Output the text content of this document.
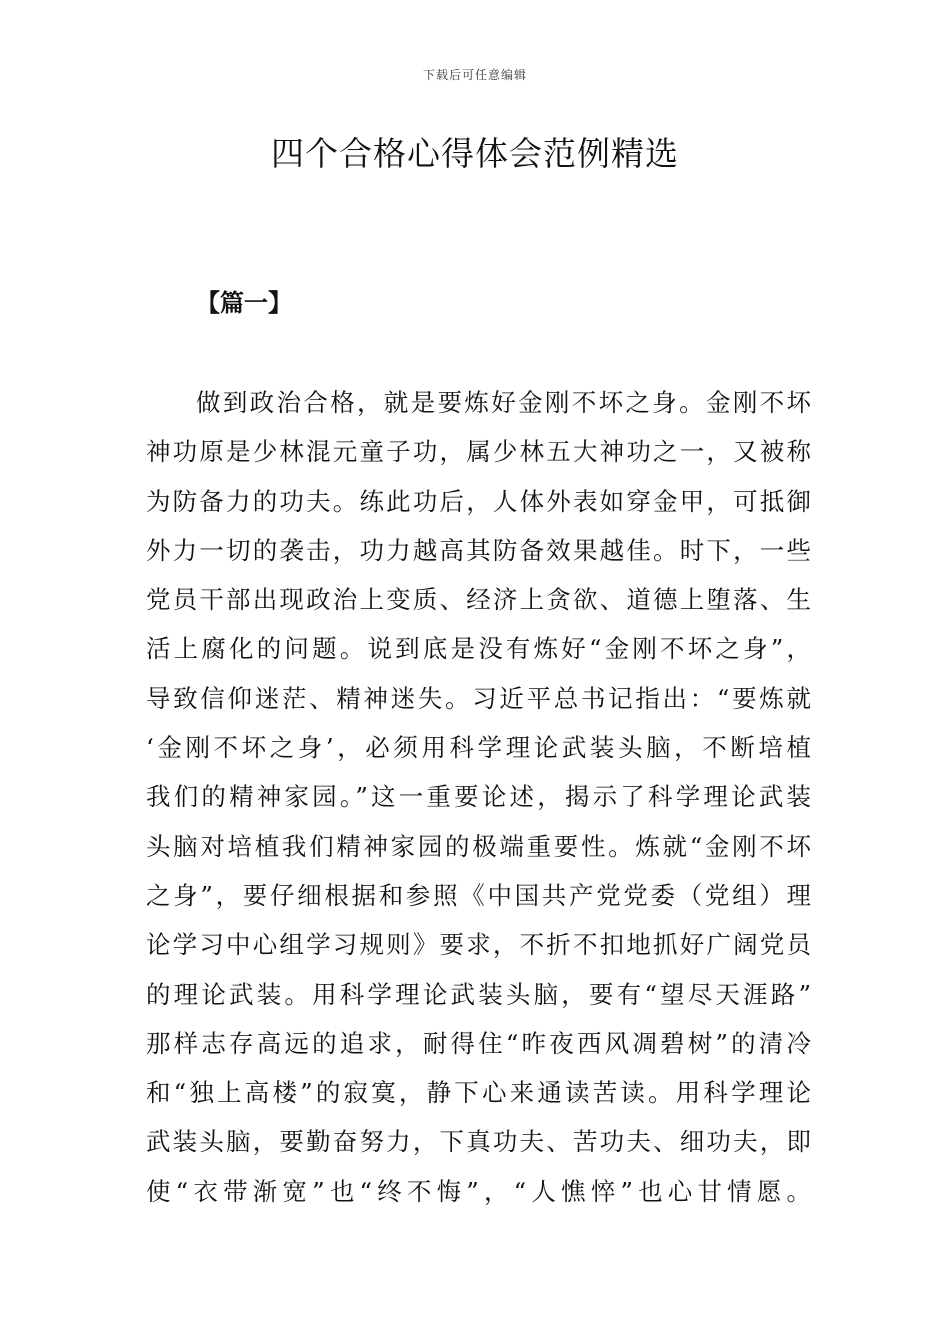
下载后可任意编辑
四个合格心得体会范例精选
【篇一】
做到政治合格，就是要炼好金刚不坏之身。金刚不坏
神功原是少林混元童子功，属少林五大神功之一，又被称
为防备力的功夫。练此功后，人体外表如穿金甲，可抵御
外力一切的袭击，功力越高其防备效果越佳。时下，一些
党员干部出现政治上变质、经济上贪欲、道德上堕落、生
活上腐化的问题。说到底是没有炼好“金刚不坏之身”，
导致信仰迷茫、精神迷失。习近平总书记指出：“要炼就
‘金刚不坏之身’，必须用科学理论武装头脑，不断培植
我们的精神家园。”这一重要论述，揭示了科学理论武装
头脑对培植我们精神家园的极端重要性。炼就“金刚不坏
之身”，要仔细根据和参照《中国共产党党委（党组）理
论学习中心组学习规则》要求，不折不扣地抓好广阔党员
的理论武装。用科学理论武装头脑，要有“望尽天涯路”
那样志存高远的追求，耐得住“昨夜西风凋碧树”的清冷
和“独上高楼”的寂寞，静下心来通读苦读。用科学理论
武装头脑，要勤奋努力，下真功夫、苦功夫、细功夫，即
使“衣带渐宽”也“终不悔”，“人憔悴”也心甘情愿。
